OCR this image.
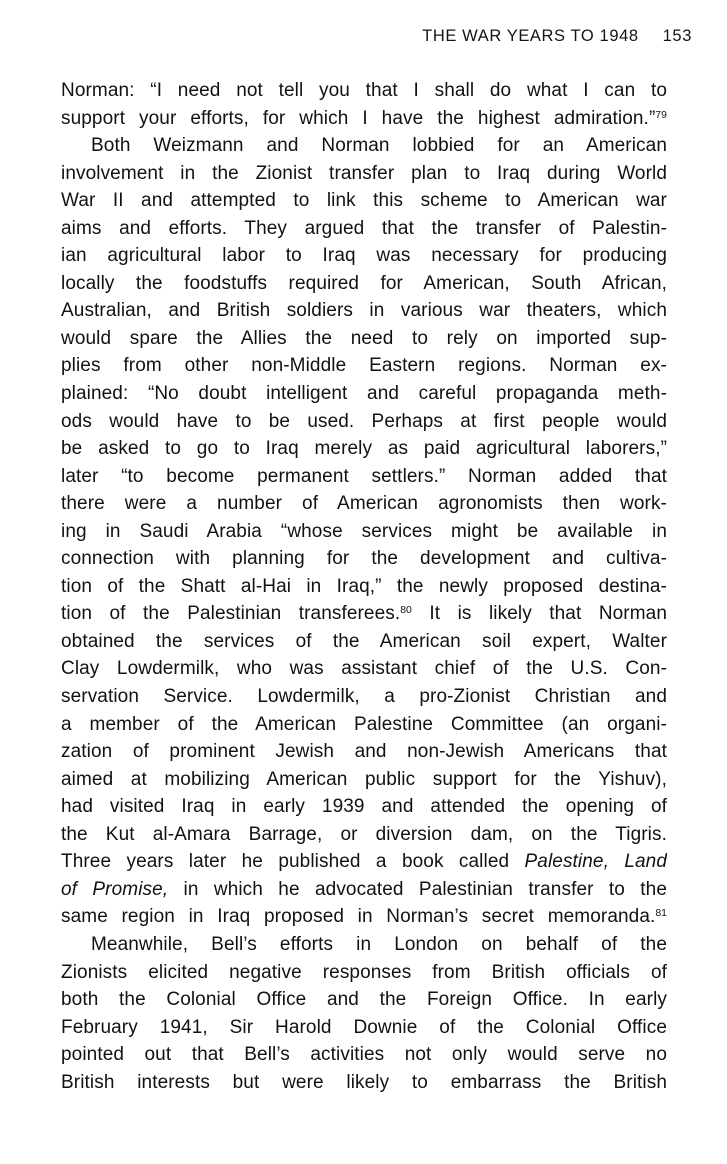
THE WAR YEARS TO 1948 153
Norman: “I need not tell you that I shall do what I can to
support your efforts, for which I have the highest admiration.”$^{79}$
Both Weizmann and Norman lobbied for an American
involvement in the Zionist transfer plan to Iraq during World
War II and attempted to link this scheme to American war
aims and efforts. They argued that the transfer of Palestin-
ian agricultural labor to Iraq was necessary for producing
locally the foodstuffs required for American, South African,
Australian, and British soldiers in various war theaters, which
would spare the Allies the need to rely on imported sup-
plies from other non-Middle Eastern regions. Norman ex-
plained: “No doubt intelligent and careful propaganda meth-
ods would have to be used. Perhaps at first people would
be asked to go to Iraq merely as paid agricultural laborers,”
later “to become permanent settlers.” Norman added that
there were a number of American agronomists then work-
ing in Saudi Arabia “whose services might be available in
connection with planning for the development and cultiva-
tion of the Shatt al-Hai in Iraq,” the newly proposed destina-
tion of the Palestinian transferees.$^{80}$ It is likely that Norman
obtained the services of the American soil expert, Walter
Clay Lowdermilk, who was assistant chief of the U.S. Con-
servation Service. Lowdermilk, a pro-Zionist Christian and
a member of the American Palestine Committee (an organi-
zation of prominent Jewish and non-Jewish Americans that
aimed at mobilizing American public support for the Yishuv),
had visited Iraq in early 1939 and attended the opening of
the Kut al-Amara Barrage, or diversion dam, on the Tigris.
Three years later he published a book called Palestine, Land
of Promise, in which he advocated Palestinian transfer to the
same region in Iraq proposed in Norman’s secret memoranda.$^{81}$
Meanwhile, Bell’s efforts in London on behalf of the
Zionists elicited negative responses from British officials of
both the Colonial Office and the Foreign Office. In early
February 1941, Sir Harold Downie of the Colonial Office
pointed out that Bell’s activities not only would serve no
British interests but were likely to embarrass the British
